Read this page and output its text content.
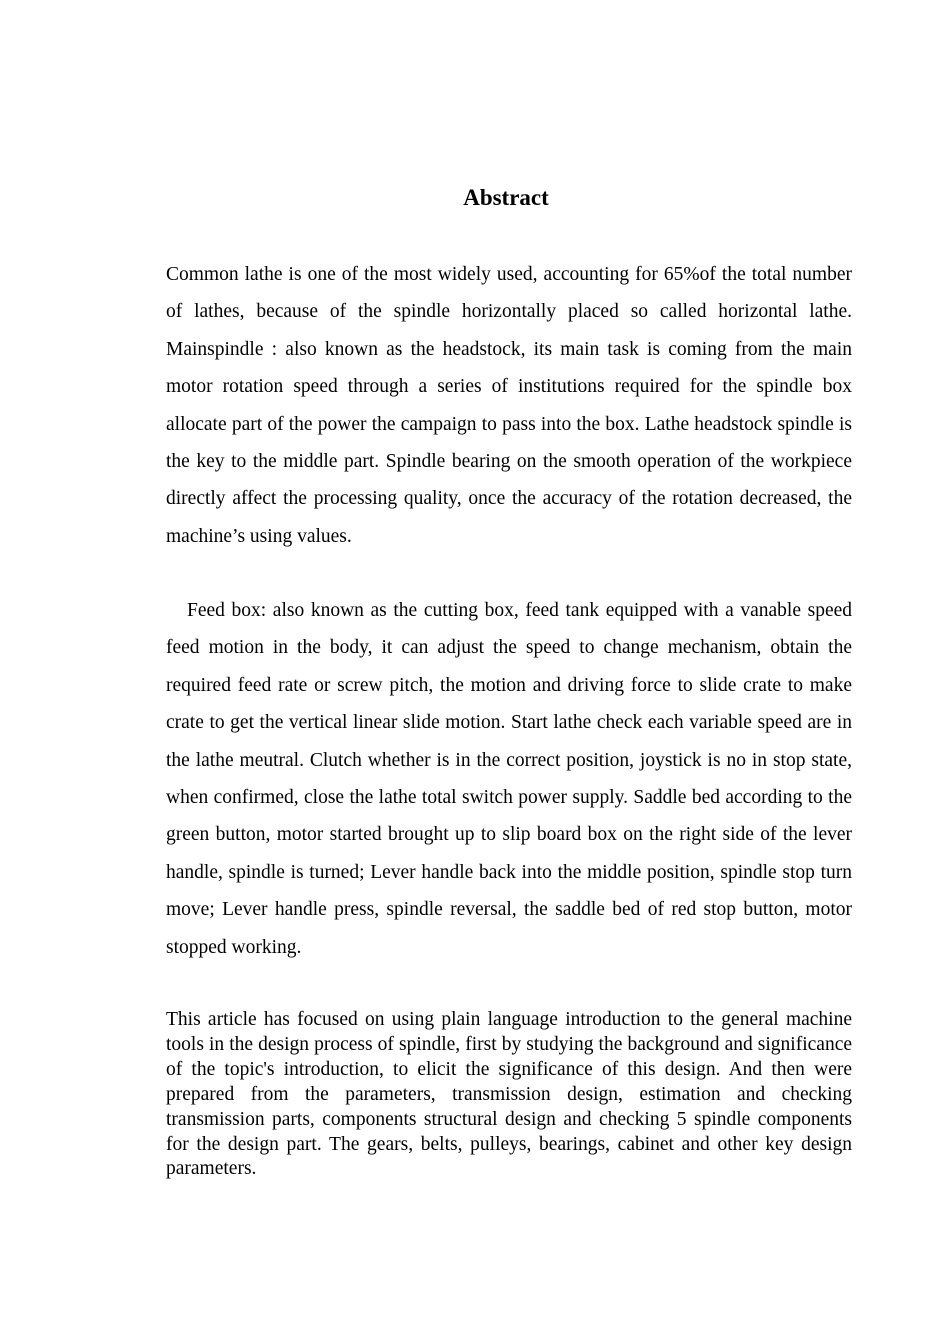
Abstract

Common lathe is one of the most widely used, accounting for 65%of the total number of lathes, because of the spindle horizontally placed so called horizontal lathe. Mainspindle : also known as the headstock, its main task is coming from the main motor rotation speed through a series of institutions required for the spindle box allocate part of the power the campaign to pass into the box. Lathe headstock spindle is the key to the middle part. Spindle bearing on the smooth operation of the workpiece directly affect the processing quality, once the accuracy of the rotation decreased, the machine’s using values.

Feed box: also known as the cutting box, feed tank equipped with a vanable speed feed motion in the body, it can adjust the speed to change mechanism, obtain the required feed rate or screw pitch, the motion and driving force to slide crate to make crate to get the vertical linear slide motion. Start lathe check each variable speed are in the lathe meutral. Clutch whether is in the correct position, joystick is no in stop state, when confirmed, close the lathe total switch power supply. Saddle bed according to the green button, motor started brought up to slip board box on the right side of the lever handle, spindle is turned; Lever handle back into the middle position, spindle stop turn move; Lever handle press, spindle reversal, the saddle bed of red stop button, motor stopped working.

This article has focused on using plain language introduction to the general machine tools in the design process of spindle, first by studying the background and significance of the topic's introduction, to elicit the significance of this design. And then were prepared from the parameters, transmission design, estimation and checking transmission parts, components structural design and checking 5 spindle components for the design part. The gears, belts, pulleys, bearings, cabinet and other key design parameters.
